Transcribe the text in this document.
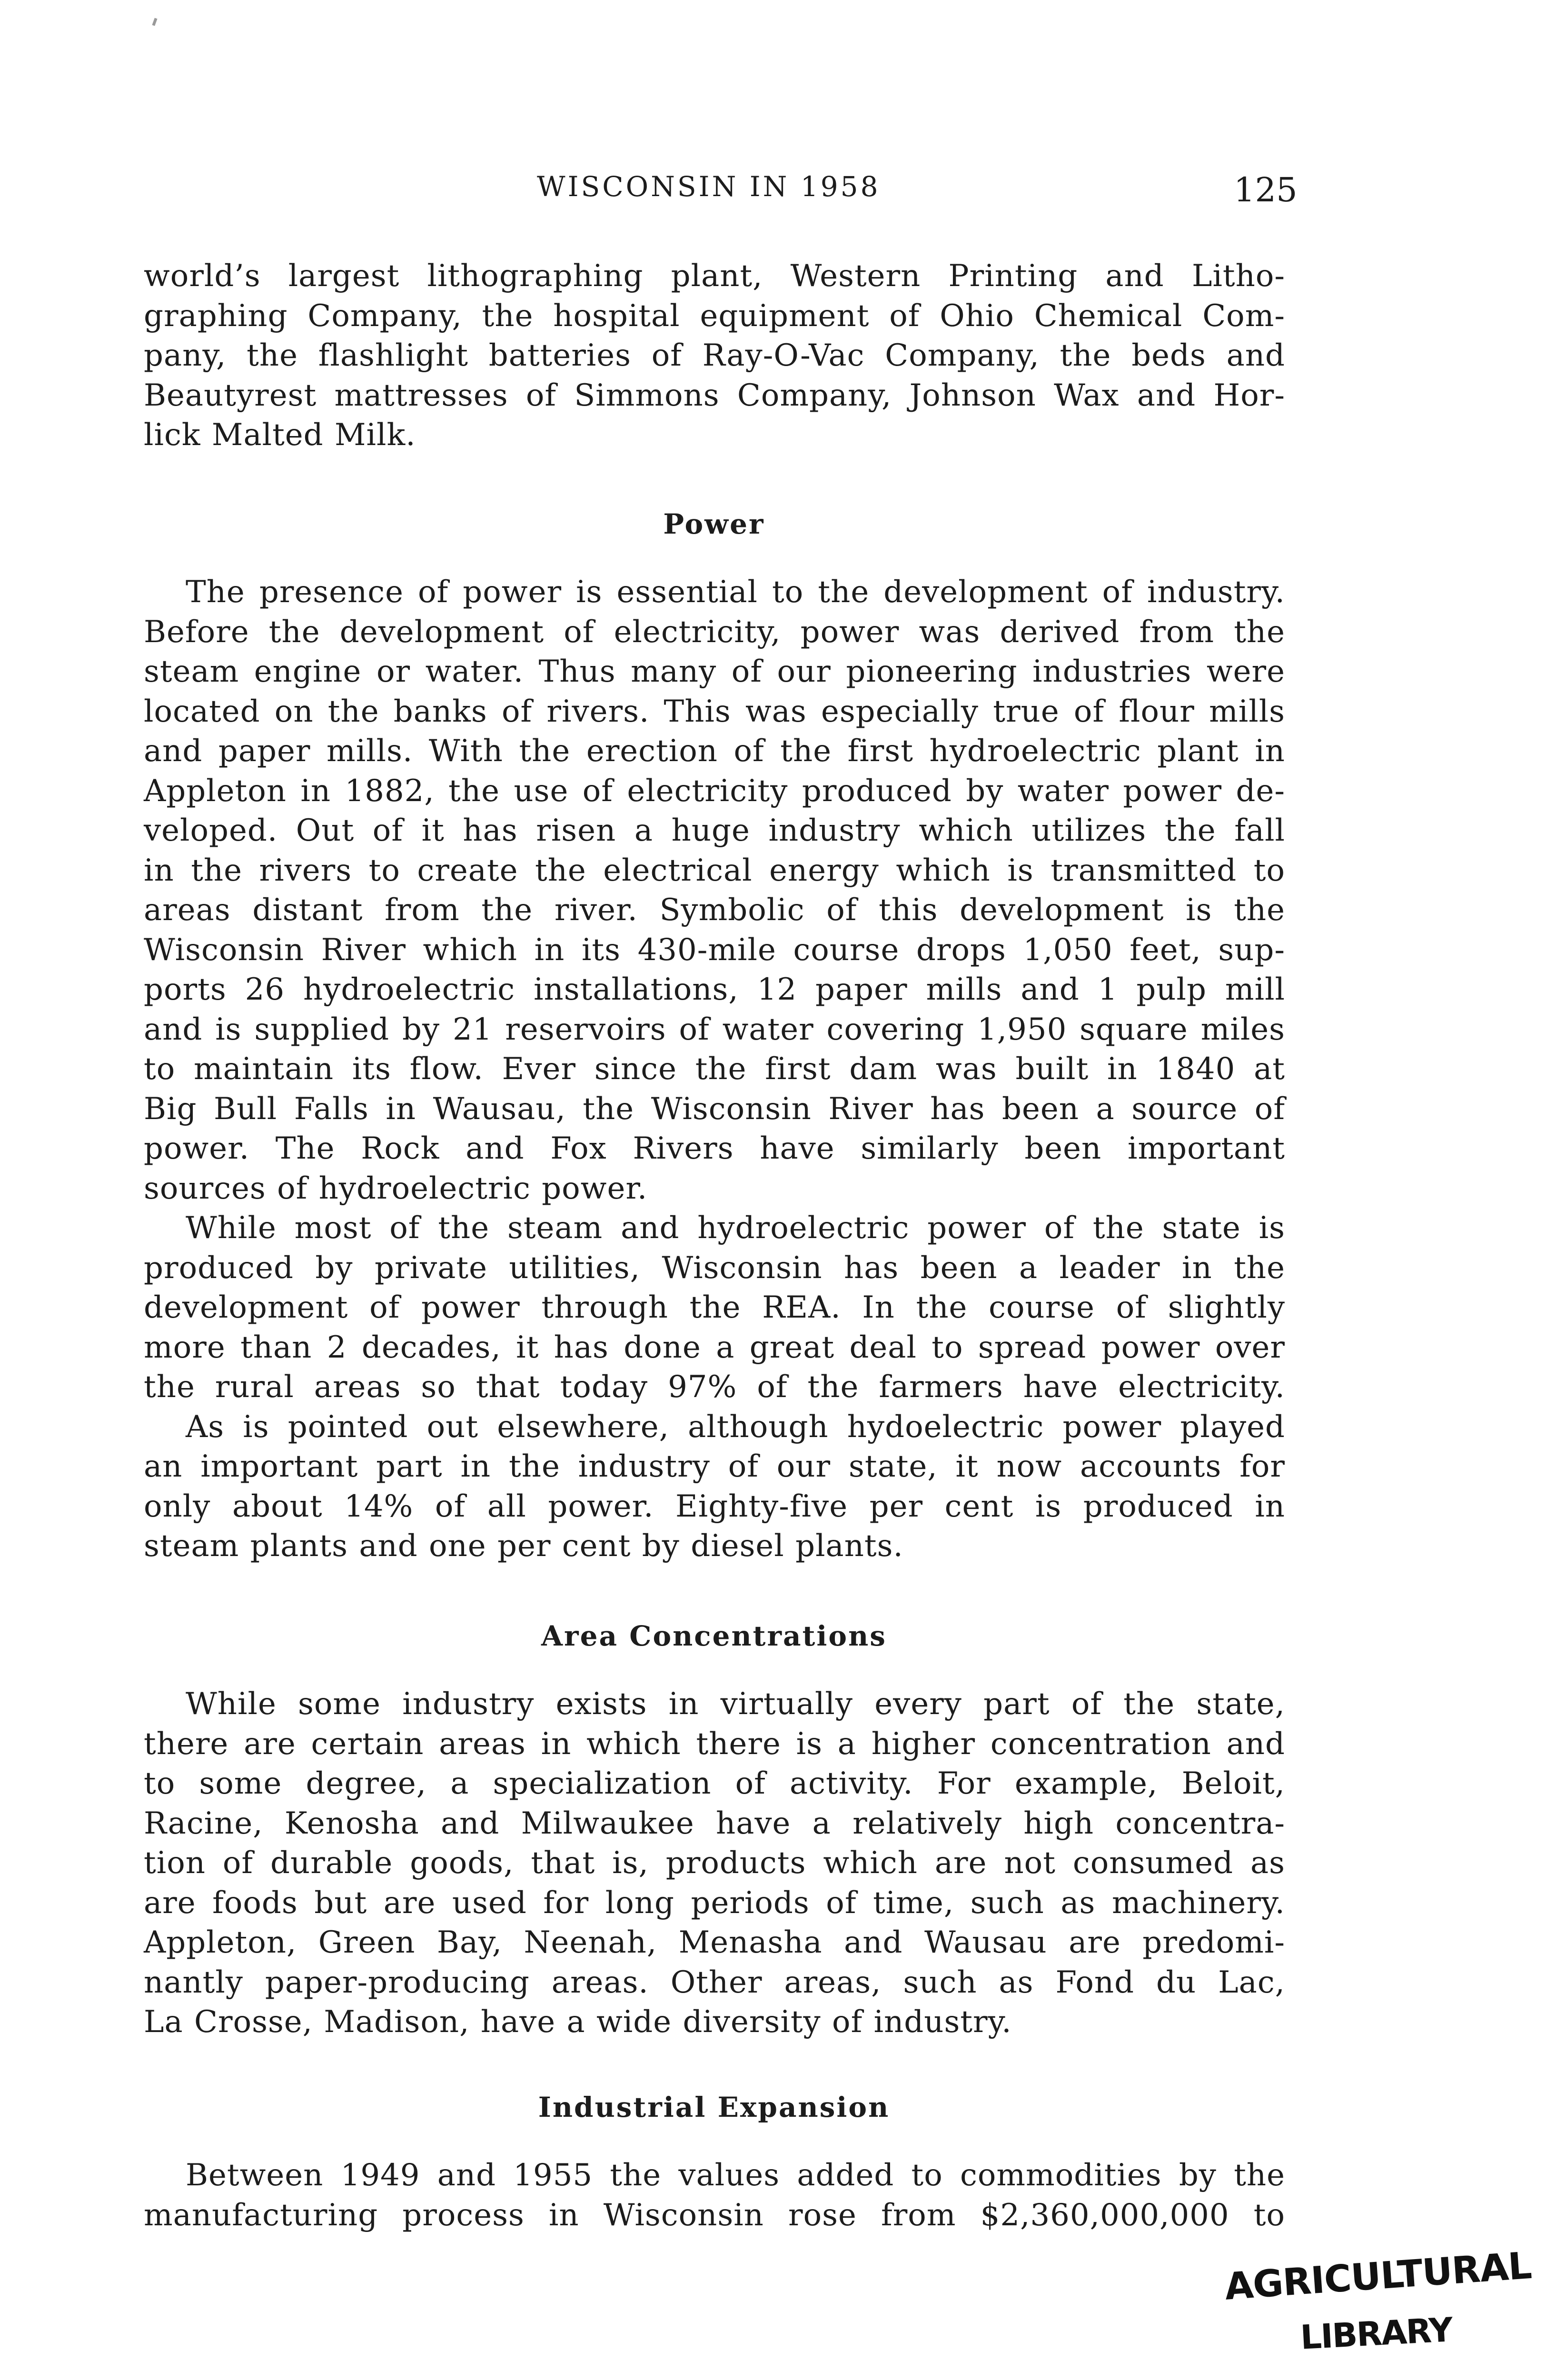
WISCONSIN IN 1958	125
world’s largest lithographing plant, Western Printing and Litho-
graphing Company, the hospital equipment of Ohio Chemical Com-
pany, the flashlight batteries of Ray-O-Vac Company, the beds and
Beautyrest mattresses of Simmons Company, Johnson Wax and Hor-
lick Malted Milk.
Power
The presence of power is essential to the development of industry.
Before the development of electricity, power was derived from the
steam engine or water. Thus many of our pioneering industries were
located on the banks of rivers. This was especially true of flour mills
and paper mills. With the erection of the first hydroelectric plant in
Appleton in 1882, the use of electricity produced by water power de-
veloped. Out of it has risen a huge industry which utilizes the fall
in the rivers to create the electrical energy which is transmitted to
areas distant from the river. Symbolic of this development is the
Wisconsin River which in its 430-mile course drops 1,050 feet, sup-
ports 26 hydroelectric installations, 12 paper mills and 1 pulp mill
and is supplied by 21 reservoirs of water covering 1,950 square miles
to maintain its flow. Ever since the first dam was built in 1840 at
Big Bull Falls in Wausau, the Wisconsin River has been a source of
power. The Rock and Fox Rivers have similarly been important
sources of hydroelectric power.
While most of the steam and hydroelectric power of the state is
produced by private utilities, Wisconsin has been a leader in the
development of power through the REA. In the course of slightly
more than 2 decades, it has done a great deal to spread power over
the rural areas so that today 97% of the farmers have electricity.
As is pointed out elsewhere, although hydoelectric power played
an important part in the industry of our state, it now accounts for
only about 14% of all power. Eighty-five per cent is produced in
steam plants and one per cent by diesel plants.
Area Concentrations
While some industry exists in virtually every part of the state,
there are certain areas in which there is a higher concentration and
to some degree, a specialization of activity. For example, Beloit,
Racine, Kenosha and Milwaukee have a relatively high concentra-
tion of durable goods, that is, products which are not consumed as
are foods but are used for long periods of time, such as machinery.
Appleton, Green Bay, Neenah, Menasha and Wausau are predomi-
nantly paper-producing areas. Other areas, such as Fond du Lac,
La Crosse, Madison, have a wide diversity of industry.
Industrial Expansion
Between 1949 and 1955 the values added to commodities by the
manufacturing process in Wisconsin rose from $2,360,000,000 to
AGRICULTURAL
LIBRARY
